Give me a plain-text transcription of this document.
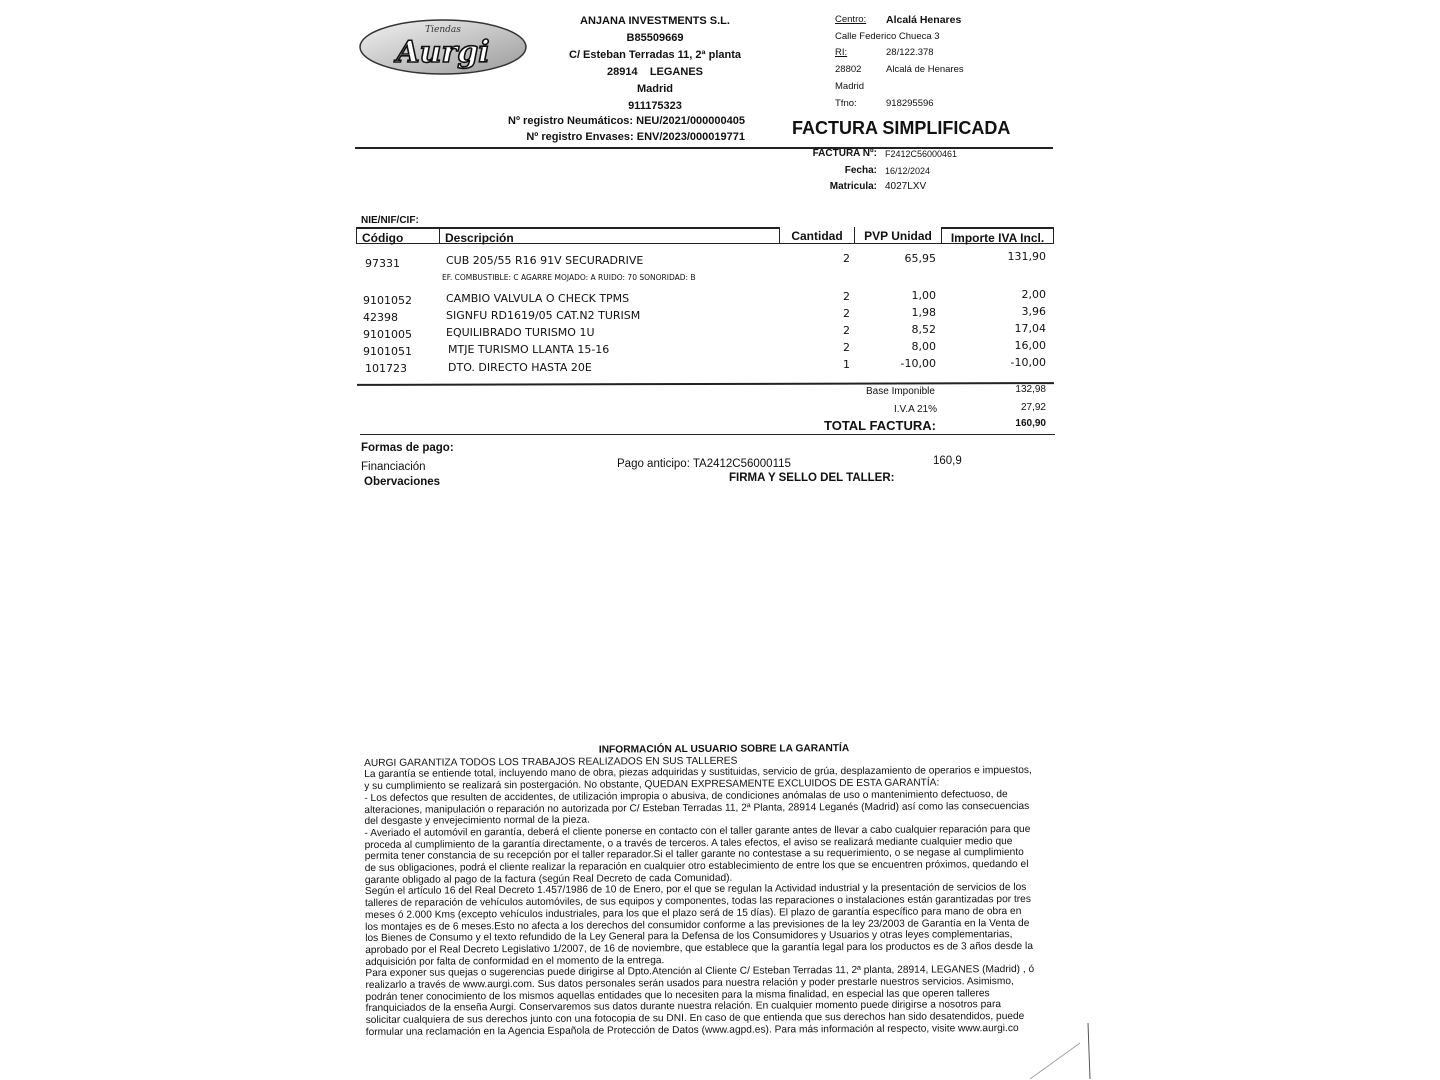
Tiendas
Aurgi
ANJANA INVESTMENTS S.L.
B85509669
C/ Esteban Terradas 11, 2ª planta
28914 LEGANES
Madrid
911175323
Nº registro Neumáticos: NEU/2021/000000405
Nº registro Envases: ENV/2023/000019771
Centro:	Alcalá Henares
Calle Federico Chueca 3
RI:	28/122.378
28802	Alcalá de Henares
Madrid
Tfno:	918295596
FACTURA SIMPLIFICADA
FACTURA Nº: F2412C56000461
Fecha: 16/12/2024
Matricula: 4027LXV
NIE/NIF/CIF:
Código	Descripción	Cantidad	PVP Unidad	Importe IVA Incl.
97331	CUB 205/55 R16 91V SECURADRIVE	2	65,95	131,90
EF. COMBUSTIBLE: C AGARRE MOJADO: A RUIDO: 70 SONORIDAD: B
9101052	CAMBIO VALVULA O CHECK TPMS	2	1,00	2,00
42398	SIGNFU RD1619/05 CAT.N2 TURISM	2	1,98	3,96
9101005	EQUILIBRADO TURISMO 1U	2	8,52	17,04
9101051	MTJE TURISMO LLANTA 15-16	2	8,00	16,00
101723	DTO. DIRECTO HASTA 20E	1	-10,00	-10,00
Base Imponible	132,98
I.V.A 21%	27,92
TOTAL FACTURA:	160,90
Formas de pago:
Financiación	Pago anticipo: TA2412C56000115	160,9
Obervaciones	FIRMA Y SELLO DEL TALLER:
INFORMACIÓN AL USUARIO SOBRE LA GARANTÍA

AURGI GARANTIZA TODOS LOS TRABAJOS REALIZADOS EN SUS TALLERES

La garantía se entiende total, incluyendo mano de obra, piezas adquiridas y sustituidas, servicio de grúa, desplazamiento de operarios e impuestos,

y su cumplimiento se realizará sin postergación. No obstante, QUEDAN EXPRESAMENTE EXCLUIDOS DE ESTA GARANTÍA:

- Los defectos que resulten de accidentes, de utilización impropia o abusiva, de condiciones anómalas de uso o mantenimiento defectuoso, de

alteraciones, manipulación o reparación no autorizada por C/ Esteban Terradas 11, 2ª Planta, 28914 Leganés (Madrid) así como las consecuencias

del desgaste y envejecimiento normal de la pieza.

- Averiado el automóvil en garantía, deberá el cliente ponerse en contacto con el taller garante antes de llevar a cabo cualquier reparación para que

proceda al cumplimiento de la garantía directamente, o a través de terceros. A tales efectos, el aviso se realizará mediante cualquier medio que

permita tener constancia de su recepción por el taller reparador.Si el taller garante no contestase a su requerimiento, o se negase al cumplimiento

de sus obligaciones, podrá el cliente realizar la reparación en cualquier otro establecimiento de entre los que se encuentren próximos, quedando el

garante obligado al pago de la factura (según Real Decreto de cada Comunidad).

Según el artículo 16 del Real Decreto 1.457/1986 de 10 de Enero, por el que se regulan la Actividad industrial y la presentación de servicios de los

talleres de reparación de vehículos automóviles, de sus equipos y componentes, todas las reparaciones o instalaciones están garantizadas por tres

meses ó 2.000 Kms (excepto vehículos industriales, para los que el plazo será de 15 días). El plazo de garantía específico para mano de obra en

los montajes es de 6 meses.Esto no afecta a los derechos del consumidor conforme a las previsiones de la ley 23/2003 de Garantía en la Venta de

los Bienes de Consumo y el texto refundido de la Ley General para la Defensa de los Consumidores y Usuarios y otras leyes complementarias,

aprobado por el Real Decreto Legislativo 1/2007, de 16 de noviembre, que establece que la garantía legal para los productos es de 3 años desde la

adquisición por falta de conformidad en el momento de la entrega.

Para exponer sus quejas o sugerencias puede dirigirse al Dpto.Atención al Cliente C/ Esteban Terradas 11, 2ª planta, 28914, LEGANES (Madrid) , ó

realizarlo a través de www.aurgi.com. Sus datos personales serán usados para nuestra relación y poder prestarle nuestros servicios. Asimismo,

podrán tener conocimiento de los mismos aquellas entidades que lo necesiten para la misma finalidad, en especial las que operen talleres

franquiciados de la enseña Aurgi. Conservaremos sus datos durante nuestra relación. En cualquier momento puede dirigirse a nosotros para

solicitar cualquiera de sus derechos junto con una fotocopia de su DNI. En caso de que entienda que sus derechos han sido desatendidos, puede

formular una reclamación en la Agencia Española de Protección de Datos (www.agpd.es). Para más información al respecto, visite www.aurgi.co
